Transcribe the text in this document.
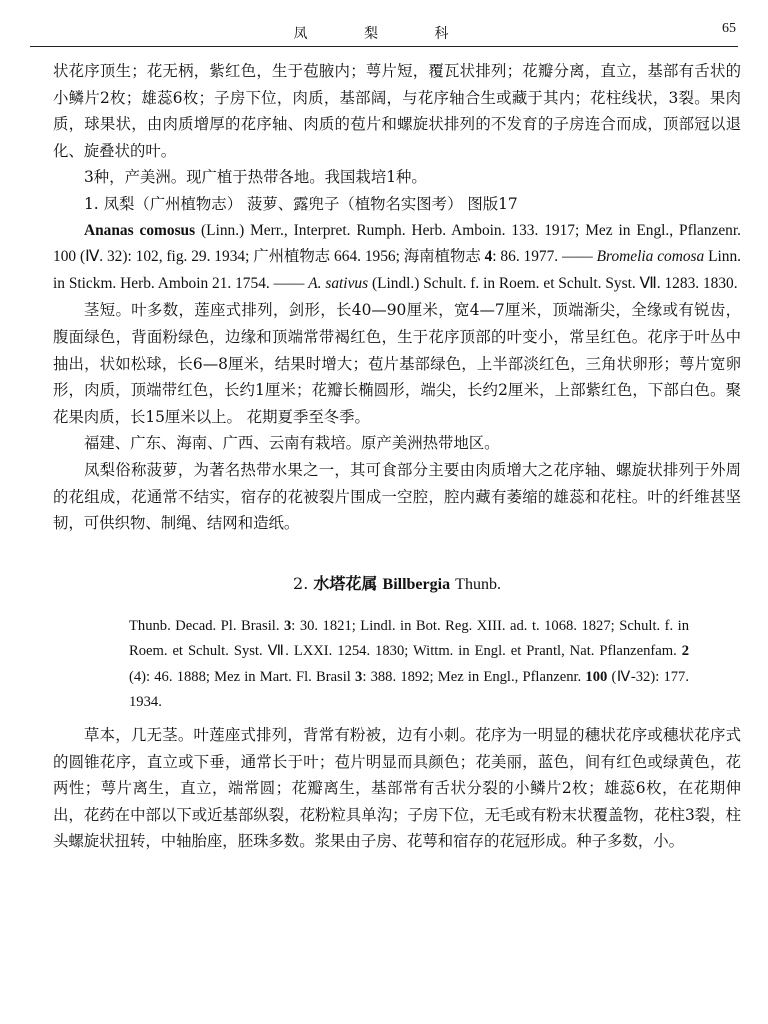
凤 梨 科	65

状花序顶生；花无柄，紫红色，生于苞腋内；萼片短，覆瓦状排列；花瓣分离，直立，基部有舌状的小鳞片2枚；雄蕊6枚；子房下位，肉质，基部阔，与花序轴合生或藏于其内；花柱线状，3裂。果肉质，球果状，由肉质增厚的花序轴、肉质的苞片和螺旋状排列的不发育的子房连合而成，顶部冠以退化、旋叠状的叶。

3种，产美洲。现广植于热带各地。我国栽培1种。

1. 凤梨（广州植物志） 菠萝、露兜子（植物名实图考） 图版17

Ananas comosus (Linn.) Merr., Interpret. Rumph. Herb. Amboin. 133. 1917; Mez in Engl., Pflanzenr. 100 (Ⅳ. 32): 102, fig. 29. 1934; 广州植物志 664. 1956; 海南植物志 4: 86. 1977. —— Bromelia comosa Linn. in Stickm. Herb. Amboin 21. 1754. —— A. sativus (Lindl.) Schult. f. in Roem. et Schult. Syst. Ⅶ. 1283. 1830.

茎短。叶多数，莲座式排列，剑形，长40—90厘米，宽4—7厘米，顶端渐尖，全缘或有锐齿，腹面绿色，背面粉绿色，边缘和顶端常带褐红色，生于花序顶部的叶变小，常呈红色。花序于叶丛中抽出，状如松球，长6—8厘米，结果时增大；苞片基部绿色，上半部淡红色，三角状卵形；萼片宽卵形，肉质，顶端带红色，长约1厘米；花瓣长椭圆形，端尖，长约2厘米，上部紫红色，下部白色。聚花果肉质，长15厘米以上。 花期夏季至冬季。

福建、广东、海南、广西、云南有栽培。原产美洲热带地区。

凤梨俗称菠萝，为著名热带水果之一，其可食部分主要由肉质增大之花序轴、螺旋状排列于外周的花组成，花通常不结实，宿存的花被裂片围成一空腔，腔内藏有萎缩的雄蕊和花柱。叶的纤维甚坚韧，可供织物、制绳、结网和造纸。

2. 水塔花属 Billbergia Thunb.

Thunb. Decad. Pl. Brasil. 3: 30. 1821; Lindl. in Bot. Reg. XIII. ad. t. 1068. 1827; Schult. f. in Roem. et Schult. Syst. Ⅶ. LXXI. 1254. 1830; Wittm. in Engl. et Prantl, Nat. Pflanzenfam. 2 (4): 46. 1888; Mez in Mart. Fl. Brasil 3: 388. 1892; Mez in Engl., Pflanzenr. 100 (Ⅳ-32): 177. 1934.

草本，几无茎。叶莲座式排列，背常有粉被，边有小刺。花序为一明显的穗状花序或穗状花序式的圆锥花序，直立或下垂，通常长于叶；苞片明显而具颜色；花美丽，蓝色，间有红色或绿黄色，花两性；萼片离生，直立，端常圆；花瓣离生，基部常有舌状分裂的小鳞片2枚；雄蕊6枚，在花期伸出，花药在中部以下或近基部纵裂，花粉粒具单沟；子房下位，无毛或有粉末状覆盖物，花柱3裂，柱头螺旋状扭转，中轴胎座，胚珠多数。浆果由子房、花萼和宿存的花冠形成。种子多数，小。
